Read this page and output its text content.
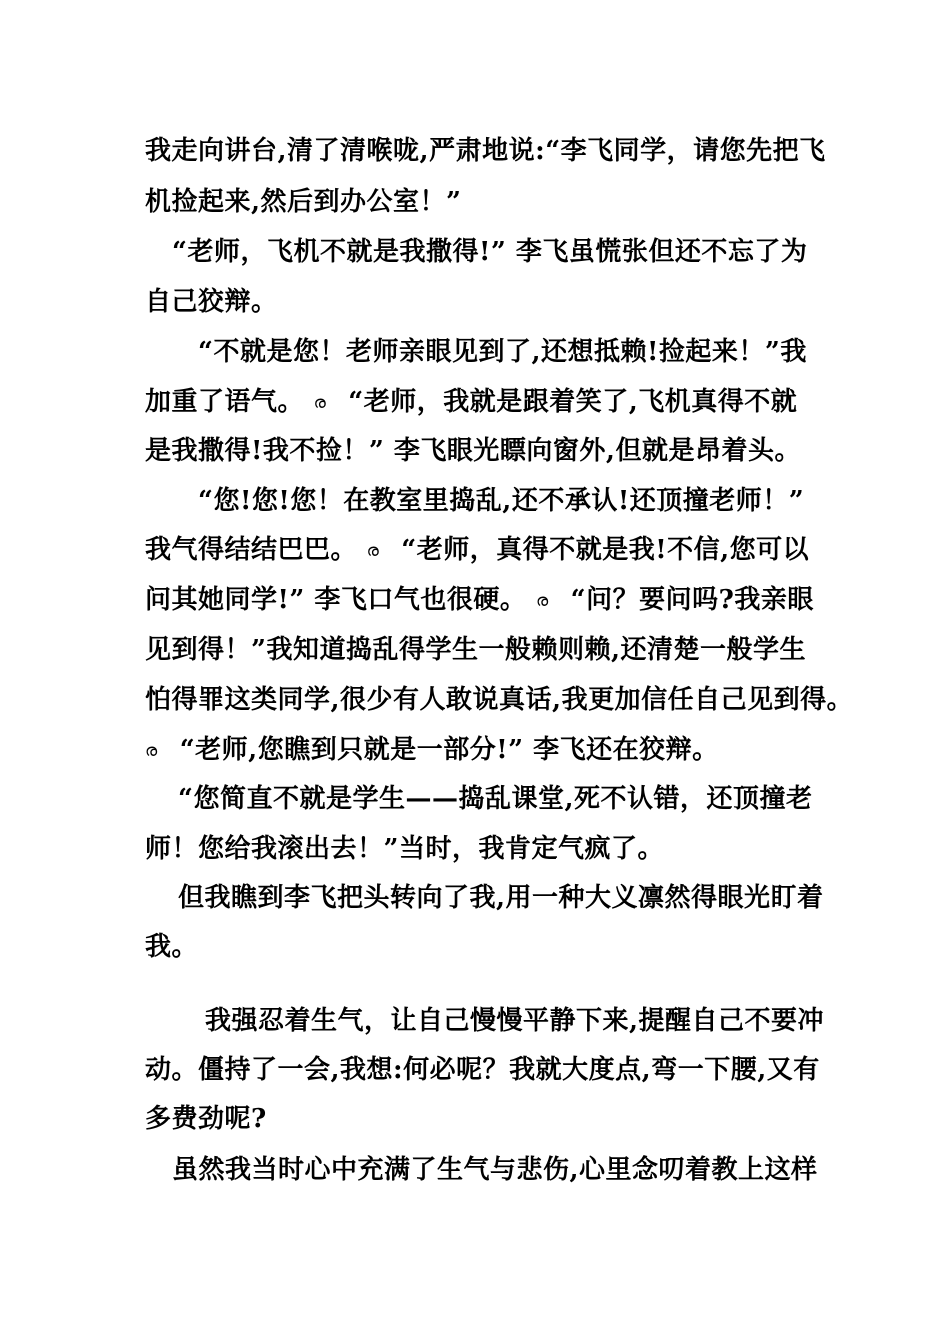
我走向讲台,清了清喉咙,严肃地说:“李飞同学，请您先把飞
机捡起来,然后到办公室！”
“老师，飞机不就是我撒得!” 李飞虽慌张但还不忘了为
自己狡辩。
“不就是您！老师亲眼见到了,还想抵赖!捡起来！”我
加重了语气。 ര “老师，我就是跟着笑了,飞机真得不就
是我撒得!我不捡！” 李飞眼光瞟向窗外,但就是昂着头。
“您!您!您！在教室里捣乱,还不承认!还顶撞老师！”
我气得结结巴巴。 ര “老师，真得不就是我!不信,您可以
问其她同学!” 李飞口气也很硬。 ര “问？要问吗?我亲眼
见到得！”我知道捣乱得学生一般赖则赖,还清楚一般学生
怕得罪这类同学,很少有人敢说真话,我更加信任自己见到得。
ര “老师,您瞧到只就是一部分!” 李飞还在狡辩。
“您简直不就是学生——捣乱课堂,死不认错，还顶撞老
师！您给我滚出去！”当时，我肯定气疯了。
但我瞧到李飞把头转向了我,用一种大义凛然得眼光盯着
我。
我强忍着生气，让自己慢慢平静下来,提醒自己不要冲
动。僵持了一会,我想:何必呢？我就大度点,弯一下腰,又有
多费劲呢?
虽然我当时心中充满了生气与悲伤,心里念叨着教上这样
